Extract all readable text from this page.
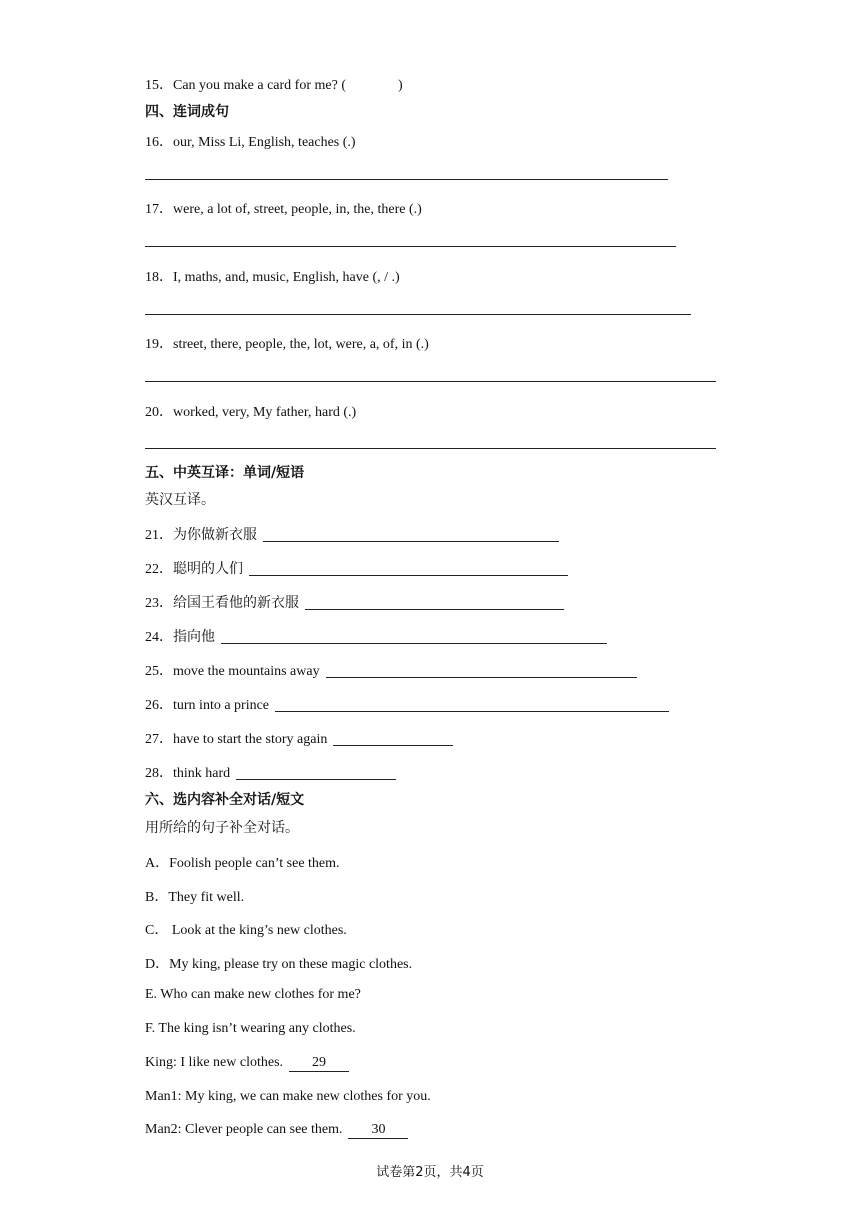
15．Can you make a card for me? (	)
四、连词成句
16．our, Miss Li, English, teaches (.)
17．were, a lot of, street, people, in, the, there (.)
18．I, maths, and, music, English, have (, / .)
19．street, there, people, the, lot, were, a, of, in (.)
20．worked, very, My father, hard (.)
五、中英互译：单词/短语
英汉互译。
21．为你做新衣服
22．聪明的人们
23．给国王看他的新衣服
24．指向他
25．move the mountains away
26．turn into a prince
27．have to start the story again
28．think hard
六、选内容补全对话/短文
用所给的句子补全对话。
A．Foolish people can’t see them.
B．They fit well.
C． Look at the king’s new clothes.
D．My king, please try on these magic clothes.
E. Who can make new clothes for me?
F. The king isn’t wearing any clothes.
King: I like new clothes. 29
Man1: My king, we can make new clothes for you.
Man2: Clever people can see them. 30
试卷第2页，共4页
